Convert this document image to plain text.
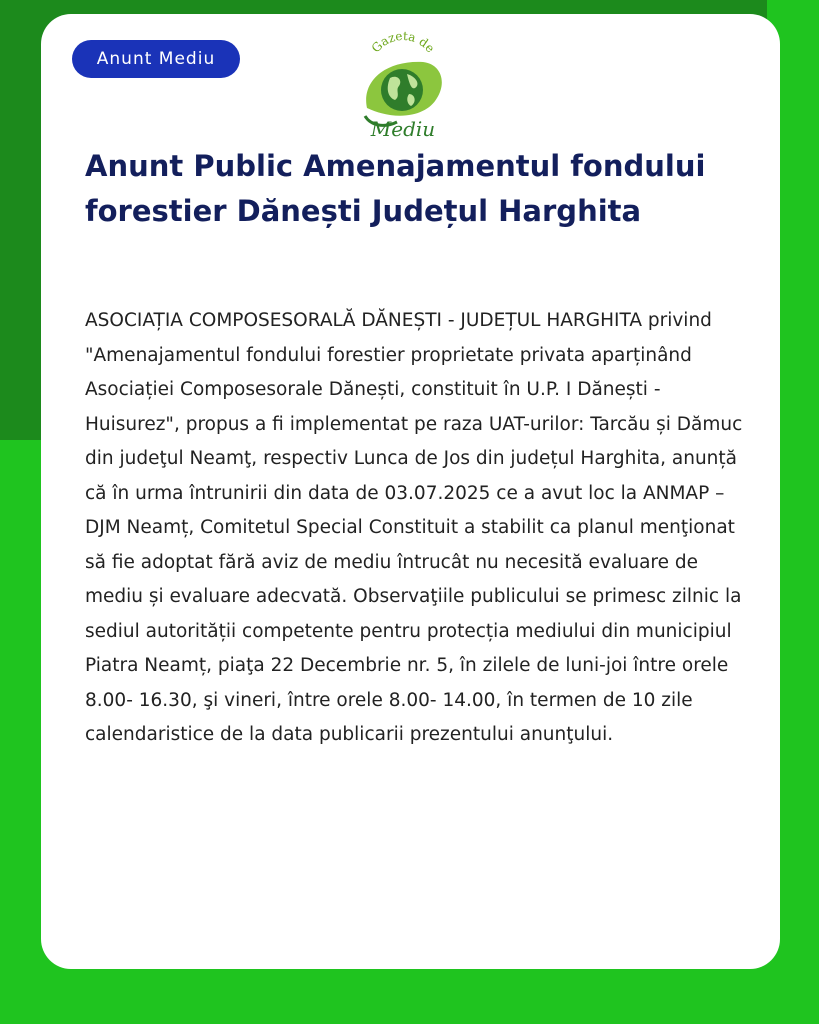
Anunt Mediu
Gazeta de
Mediu
Anunt Public Amenajamentul fondului forestier Dănești Județul Harghita

ASOCIAȚIA COMPOSESORALĂ DĂNEȘTI - JUDEȚUL HARGHITA privind "Amenajamentul fondului forestier proprietate privata aparținând Asociației Composesorale Dănești, constituit în U.P. I Dănești - Huisurez", propus a fi implementat pe raza UAT-urilor: Tarcău și Dămuc din judeţul Neamţ, respectiv Lunca de Jos din județul Harghita, anunță că în urma întrunirii din data de 03.07.2025 ce a avut loc la ANMAP – DJM Neamț, Comitetul Special Constituit a stabilit ca planul menţionat să fie adoptat fără aviz de mediu întrucât nu necesită evaluare de mediu și evaluare adecvată. Observaţiile publicului se primesc zilnic la sediul autorității competente pentru protecția mediului din municipiul Piatra Neamț, piaţa 22 Decembrie nr. 5, în zilele de luni-joi între orele 8.00- 16.30, şi vineri, între orele 8.00- 14.00, în termen de 10 zile calendaristice de la data publicarii prezentului anunţului.
